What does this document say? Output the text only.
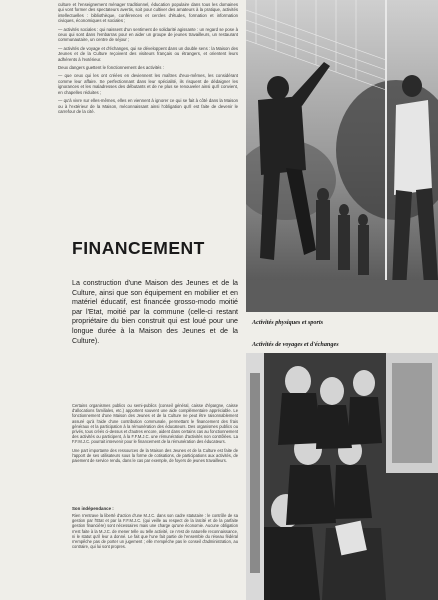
culture et l'enseignement ménager traditionnel, éducation populaire dans tous les domaines qui vont former des spectateurs avertis, soit pour cultiver des amateurs à la pratique, activités intellectuelles : bibliothèque, conférences et cercles d'études, formation et information civiques, économiques et sociales ;

— activités sociales : qui naissent d'un sentiment de solidarité agissante : un regard se pose à ceux qui sont dans l'embarras pour en aider un groupe de jeunes travailleurs, un restaurant communautaire, un centre de séjour ;

— activités de voyage et d'échanges, qui se développent dans un double sens : la Maison des Jeunes et de la Culture reçoivent des visiteurs français ou étrangers, et orientent leurs adhérents à l'extérieur.

Deux dangers guettent le fonctionnement des activités :

— que ceux qui les ont créées en deviennent les maîtres d'eux-mêmes, les considérant comme leur affaire. Se perfectionnant dans leur spécialité, ils risquent de dédaigner les ignorances et les maladresses des débutants et de ne plus se renouveler ainsi qu'il convient, en chapelles réduites ;

— qu'à vivre sur elles-mêmes, elles en viennent à ignorer ce qui se fait à côté dans la Maison ou à l'extérieur de la Maison, méconnaissant ainsi l'obligation qu'il est faite de devenir le carrefour de la cité.

FINANCEMENT

La construction d'une Maison des Jeunes et de la Culture, ainsi que son équipement en mobilier et en matériel éducatif, est financée grosso-modo moitié par l'Etat, moitié par la commune (celle-ci restant propriétaire du bien construit qui est loué pour une longue durée à la Maison des Jeunes et de la Culture).

Certains organismes publics ou semi-publics (conseil général, caisse d'épargne, caisse d'allocations familiales, etc.) apportent souvent une aide complémentaire appréciable. Le fonctionnement d'une Maison des Jeunes et de la Culture ne peut être raisonnablement assuré qu'à l'aide d'une contribution communale, permettant le financement des frais généraux et la participation à la rémunération des éducateurs. Des organismes publics ou privés, tous créés ci-dessus et d'autres encore, aident dans certains cas au fonctionnement des activités ou participent, à la F.F.M.J.C. une rémunération d'activités non contrôlées. La F.F.M.J.C. pourrait intervenir pour le financement de la rémunération des éducateurs.

Une part importante des ressources de la Maison des Jeunes et de la Culture est faite de l'apport de ses utilisateurs sous la forme de cotisations, de participations aux activités, de paiement de service rendu, dans le cas par exemple, de foyers de jeunes travailleurs.

Son indépendance :

Rien n'entrave la liberté d'action d'une M.J.C. dans son cadre statutaire : le contrôle de sa gestion par l'Etat et par la F.F.M.J.C. (qui veille au respect de la laïcité et de la parfaite gestion financière) sont nécessaires mais une charge qu'une économie. Aucune obligation n'est faite à la M.J.C. de mener telle ou telle activité, ce n'est de naturelle reconnaissance, ni le statut qu'il leur a donné. Le fait que l'une fait partie de l'ensemble du réseau fédéral n'empêche pas de porter un jugement ; elle n'empêche pas le conseil d'administration, au contraire, qui lui sont propres.

Activités physiques et sports
Activités de voyages et d'échanges
